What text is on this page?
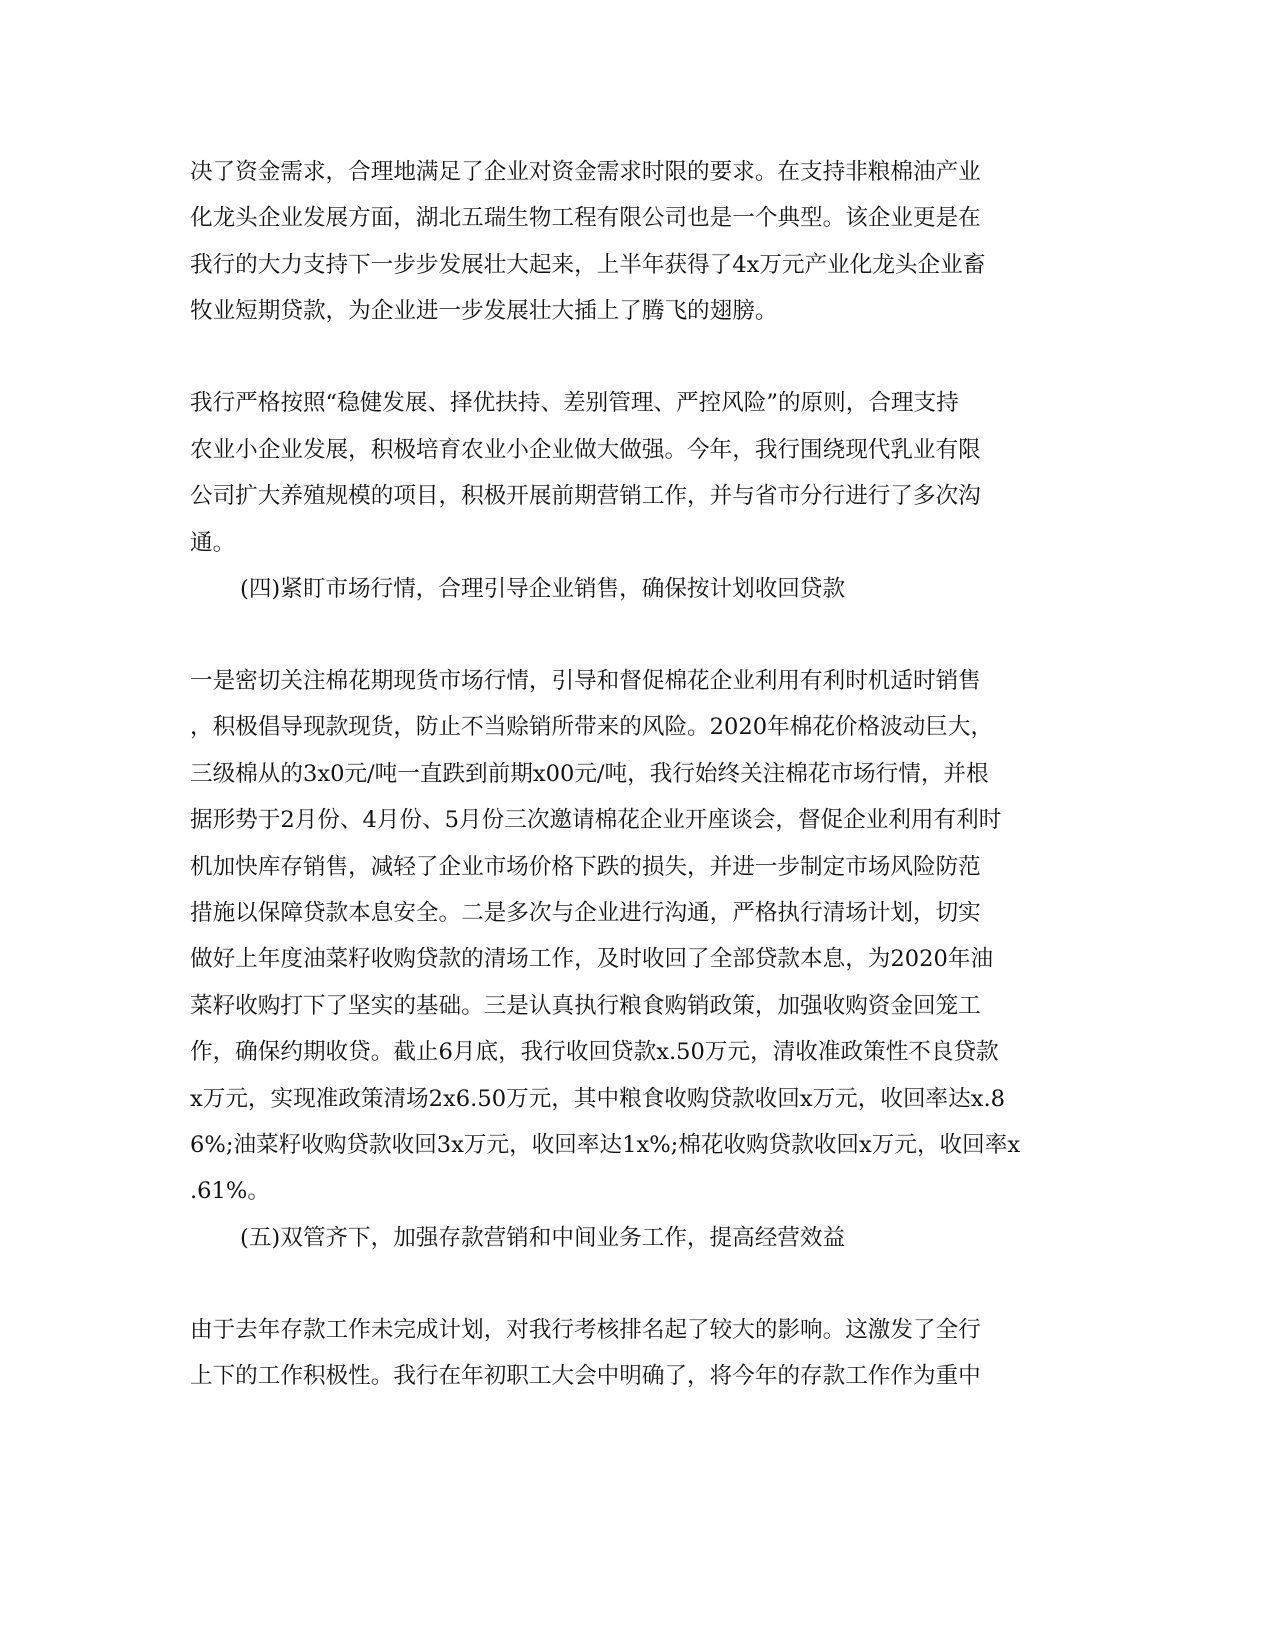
决了资金需求，合理地满足了企业对资金需求时限的要求。在支持非粮棉油产业
化龙头企业发展方面，湖北五瑞生物工程有限公司也是一个典型。该企业更是在
我行的大力支持下一步步发展壮大起来，上半年获得了4x万元产业化龙头企业畜
牧业短期贷款，为企业进一步发展壮大插上了腾飞的翅膀。
我行严格按照“稳健发展、择优扶持、差别管理、严控风险”的原则，合理支持
农业小企业发展，积极培育农业小企业做大做强。今年，我行围绕现代乳业有限
公司扩大养殖规模的项目，积极开展前期营销工作，并与省市分行进行了多次沟
通。
(四)紧盯市场行情，合理引导企业销售，确保按计划收回贷款
一是密切关注棉花期现货市场行情，引导和督促棉花企业利用有利时机适时销售
，积极倡导现款现货，防止不当赊销所带来的风险。2020年棉花价格波动巨大，
三级棉从的3x0元/吨一直跌到前期x00元/吨，我行始终关注棉花市场行情，并根
据形势于2月份、4月份、5月份三次邀请棉花企业开座谈会，督促企业利用有利时
机加快库存销售，减轻了企业市场价格下跌的损失，并进一步制定市场风险防范
措施以保障贷款本息安全。二是多次与企业进行沟通，严格执行清场计划，切实
做好上年度油菜籽收购贷款的清场工作，及时收回了全部贷款本息，为2020年油
菜籽收购打下了坚实的基础。三是认真执行粮食购销政策，加强收购资金回笼工
作，确保约期收贷。截止6月底，我行收回贷款x.50万元，清收准政策性不良贷款
x万元，实现准政策清场2x6.50万元，其中粮食收购贷款收回x万元，收回率达x.8
6%;油菜籽收购贷款收回3x万元，收回率达1x%;棉花收购贷款收回x万元，收回率x
.61%。
(五)双管齐下，加强存款营销和中间业务工作，提高经营效益
由于去年存款工作未完成计划，对我行考核排名起了较大的影响。这激发了全行
上下的工作积极性。我行在年初职工大会中明确了，将今年的存款工作作为重中
